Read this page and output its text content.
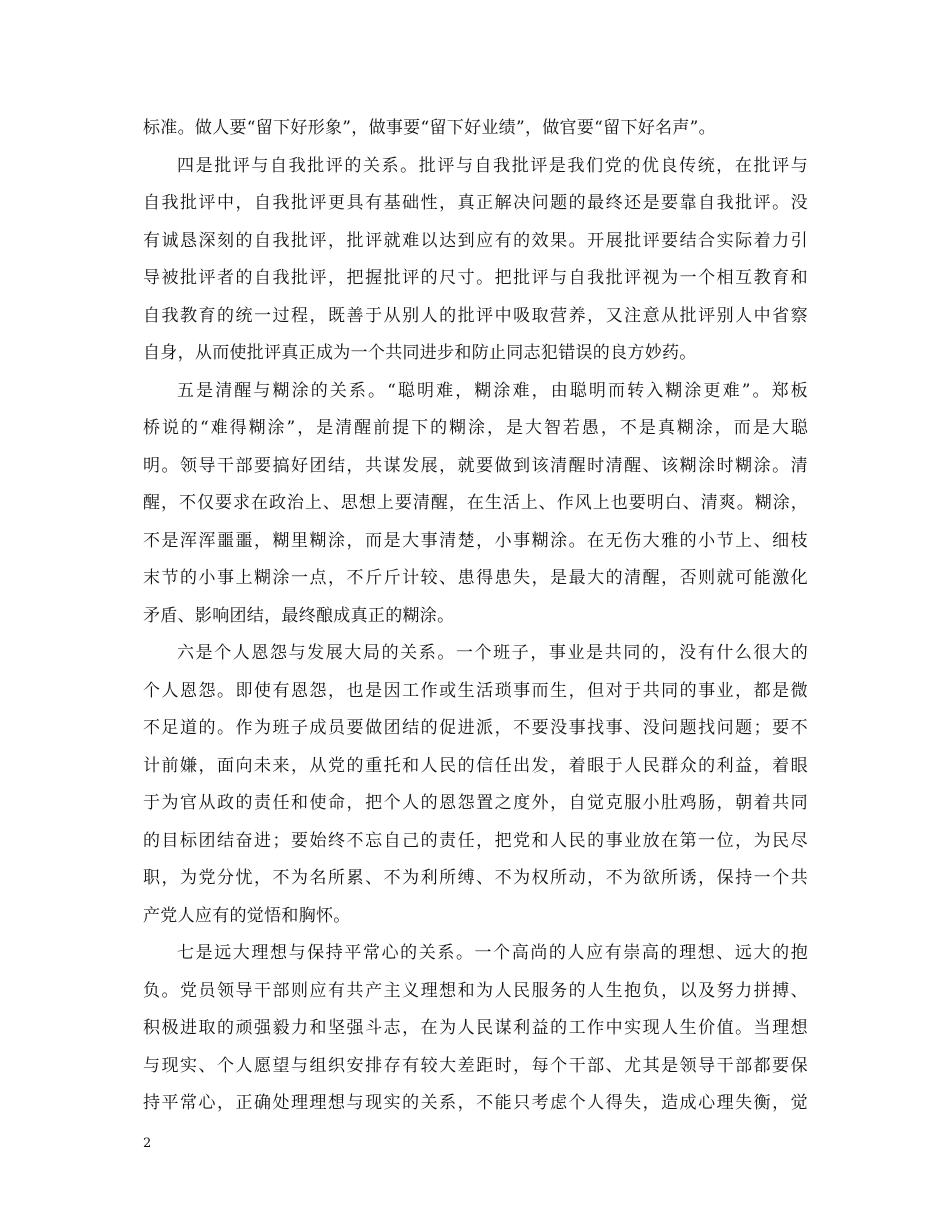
标准。做人要“留下好形象”，做事要“留下好业绩”，做官要“留下好名声”。
四是批评与自我批评的关系。批评与自我批评是我们党的优良传统，在批评与
自我批评中，自我批评更具有基础性，真正解决问题的最终还是要靠自我批评。没
有诚恳深刻的自我批评，批评就难以达到应有的效果。开展批评要结合实际着力引
导被批评者的自我批评，把握批评的尺寸。把批评与自我批评视为一个相互教育和
自我教育的统一过程，既善于从别人的批评中吸取营养，又注意从批评别人中省察
自身，从而使批评真正成为一个共同进步和防止同志犯错误的良方妙药。
五是清醒与糊涂的关系。“聪明难，糊涂难，由聪明而转入糊涂更难”。郑板
桥说的“难得糊涂”，是清醒前提下的糊涂，是大智若愚，不是真糊涂，而是大聪
明。领导干部要搞好团结，共谋发展，就要做到该清醒时清醒、该糊涂时糊涂。清
醒，不仅要求在政治上、思想上要清醒，在生活上、作风上也要明白、清爽。糊涂，
不是浑浑噩噩，糊里糊涂，而是大事清楚，小事糊涂。在无伤大雅的小节上、细枝
末节的小事上糊涂一点，不斤斤计较、患得患失，是最大的清醒，否则就可能激化
矛盾、影响团结，最终酿成真正的糊涂。
六是个人恩怨与发展大局的关系。一个班子，事业是共同的，没有什么很大的
个人恩怨。即使有恩怨，也是因工作或生活琐事而生，但对于共同的事业，都是微
不足道的。作为班子成员要做团结的促进派，不要没事找事、没问题找问题；要不
计前嫌，面向未来，从党的重托和人民的信任出发，着眼于人民群众的利益，着眼
于为官从政的责任和使命，把个人的恩怨置之度外，自觉克服小肚鸡肠，朝着共同
的目标团结奋进；要始终不忘自己的责任，把党和人民的事业放在第一位，为民尽
职，为党分忧，不为名所累、不为利所缚、不为权所动，不为欲所诱，保持一个共
产党人应有的觉悟和胸怀。
七是远大理想与保持平常心的关系。一个高尚的人应有崇高的理想、远大的抱
负。党员领导干部则应有共产主义理想和为人民服务的人生抱负，以及努力拼搏、
积极进取的顽强毅力和坚强斗志，在为人民谋利益的工作中实现人生价值。当理想
与现实、个人愿望与组织安排存有较大差距时，每个干部、尤其是领导干部都要保
持平常心，正确处理理想与现实的关系，不能只考虑个人得失，造成心理失衡，觉
2
